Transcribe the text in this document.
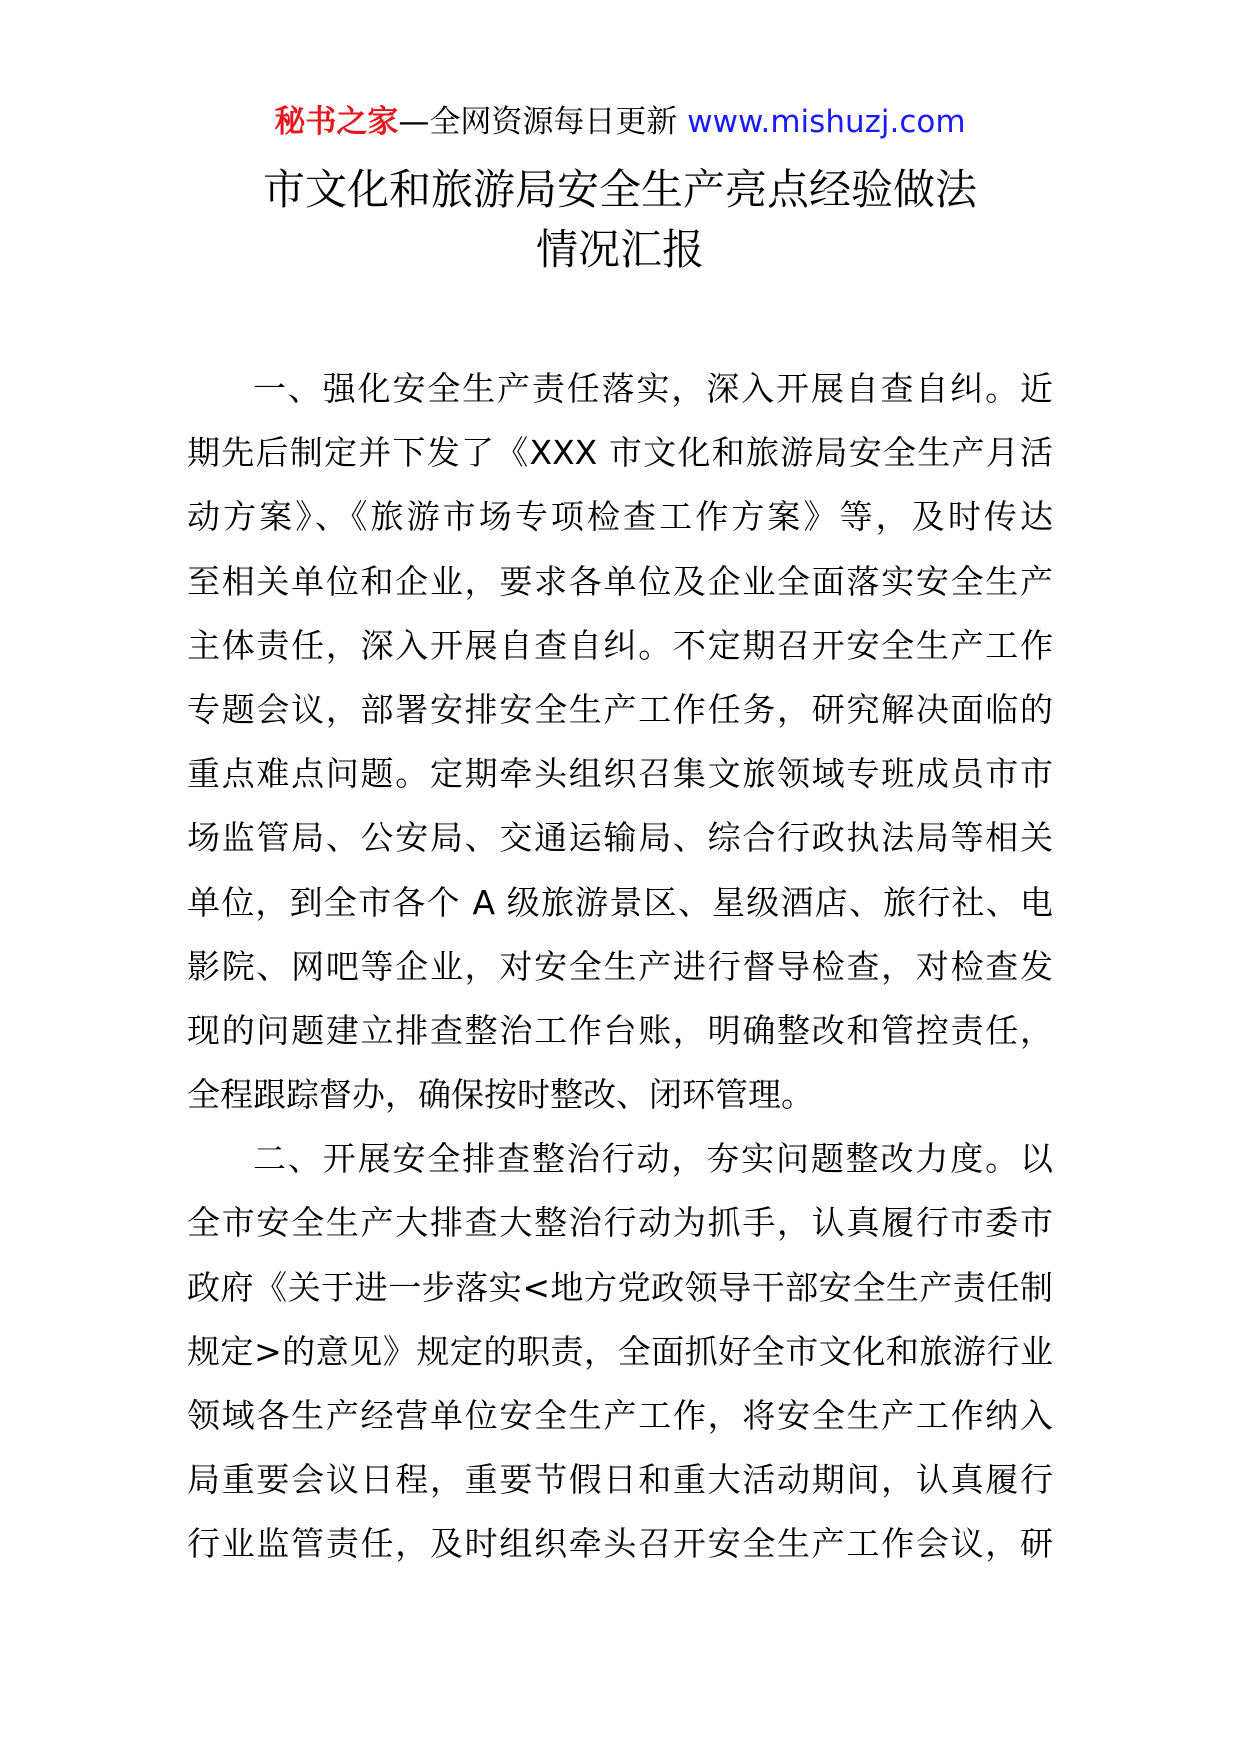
秘书之家—全网资源每日更新 www.mishuzj.com
市文化和旅游局安全生产亮点经验做法
情况汇报
一、强化安全生产责任落实，深入开展自查自纠。近
期先后制定并下发了《XXX 市文化和旅游局安全生产月活
动方案》、《旅游市场专项检查工作方案》等，及时传达
至相关单位和企业，要求各单位及企业全面落实安全生产
主体责任，深入开展自查自纠。不定期召开安全生产工作
专题会议，部署安排安全生产工作任务，研究解决面临的
重点难点问题。定期牵头组织召集文旅领域专班成员市市
场监管局、公安局、交通运输局、综合行政执法局等相关
单位，到全市各个 A 级旅游景区、星级酒店、旅行社、电
影院、网吧等企业，对安全生产进行督导检查，对检查发
现的问题建立排查整治工作台账，明确整改和管控责任，
全程跟踪督办，确保按时整改、闭环管理。
二、开展安全排查整治行动，夯实问题整改力度。以
全市安全生产大排查大整治行动为抓手，认真履行市委市
政府《关于进一步落实<地方党政领导干部安全生产责任制
规定>的意见》规定的职责，全面抓好全市文化和旅游行业
领域各生产经营单位安全生产工作，将安全生产工作纳入
局重要会议日程，重要节假日和重大活动期间，认真履行
行业监管责任，及时组织牵头召开安全生产工作会议，研
